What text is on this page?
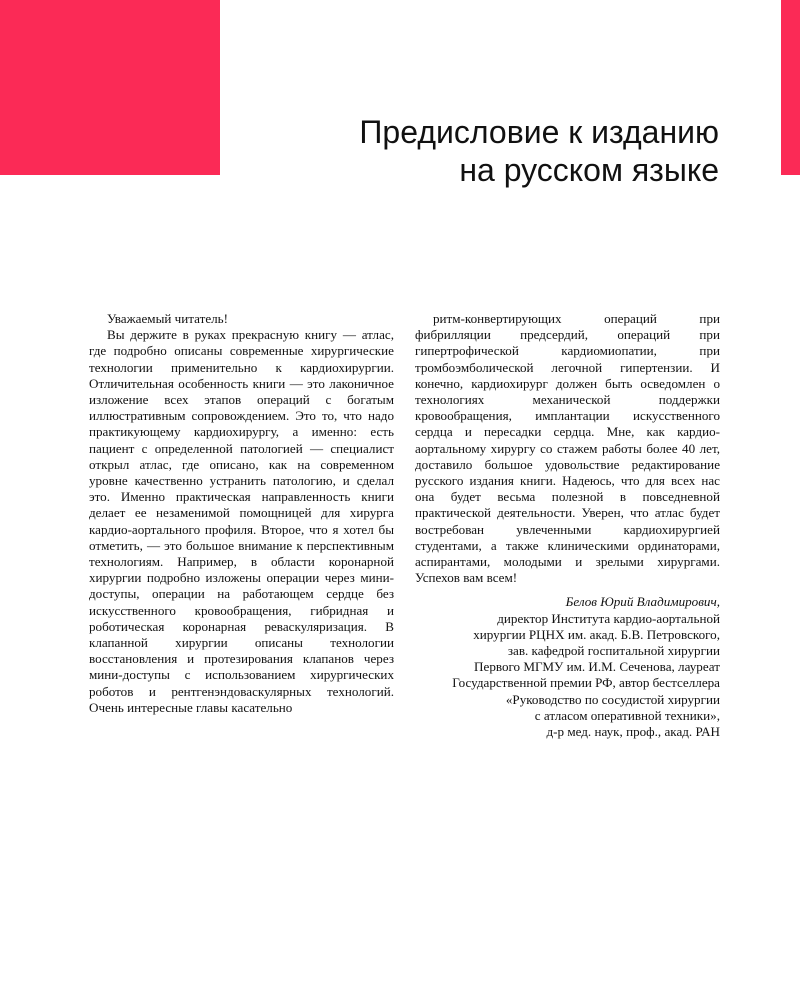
Предисловие к изданию
на русском языке

Уважаемый читатель!

Вы держите в руках прекрасную книгу — атлас, где подробно описаны современные хирургические технологии применительно к кардиохирургии. Отличительная особенность книги — это лаконичное изложение всех этапов операций с богатым иллюстративным сопровождением. Это то, что надо практикующему кардиохирургу, а именно: есть пациент с определенной патологией — специалист открыл атлас, где описано, как на современном уровне качественно устранить патологию, и сделал это. Именно практическая направленность книги делает ее незаменимой помощницей для хирурга кардио-аортального профиля. Второе, что я хотел бы отметить, — это большое внимание к перспективным технологиям. Например, в области коронарной хирургии подробно изложены операции через мини-доступы, операции на работающем сердце без искусственного кровообращения, гибридная и роботическая коронарная реваскуляризация. В клапанной хирургии описаны технологии восстановления и протезирования клапанов через мини-доступы с использованием хирургических роботов и рентгенэндоваскулярных технологий. Очень интересные главы касательно

ритм-конвертирующих операций при фибрилляции предсердий, операций при гипертрофической кардиомиопатии, при тромбоэмболической легочной гипертензии. И конечно, кардиохирург должен быть осведомлен о технологиях механической поддержки кровообращения, имплантации искусственного сердца и пересадки сердца. Мне, как кардио-аортальному хирургу со стажем работы более 40 лет, доставило большое удовольствие редактирование русского издания книги. Надеюсь, что для всех нас она будет весьма полезной в повседневной практической деятельности. Уверен, что атлас будет востребован увлеченными кардиохирургией студентами, а также клиническими ординаторами, аспирантами, молодыми и зрелыми хирургами. Успехов вам всем!

Белов Юрий Владимирович,
директор Института кардио-аортальной
хирургии РЦНХ им. акад. Б.В. Петровского,
зав. кафедрой госпитальной хирургии
Первого МГМУ им. И.М. Сеченова, лауреат
Государственной премии РФ, автор бестселлера
«Руководство по сосудистой хирургии
с атласом оперативной техники»,
д-р мед. наук, проф., акад. РАН
